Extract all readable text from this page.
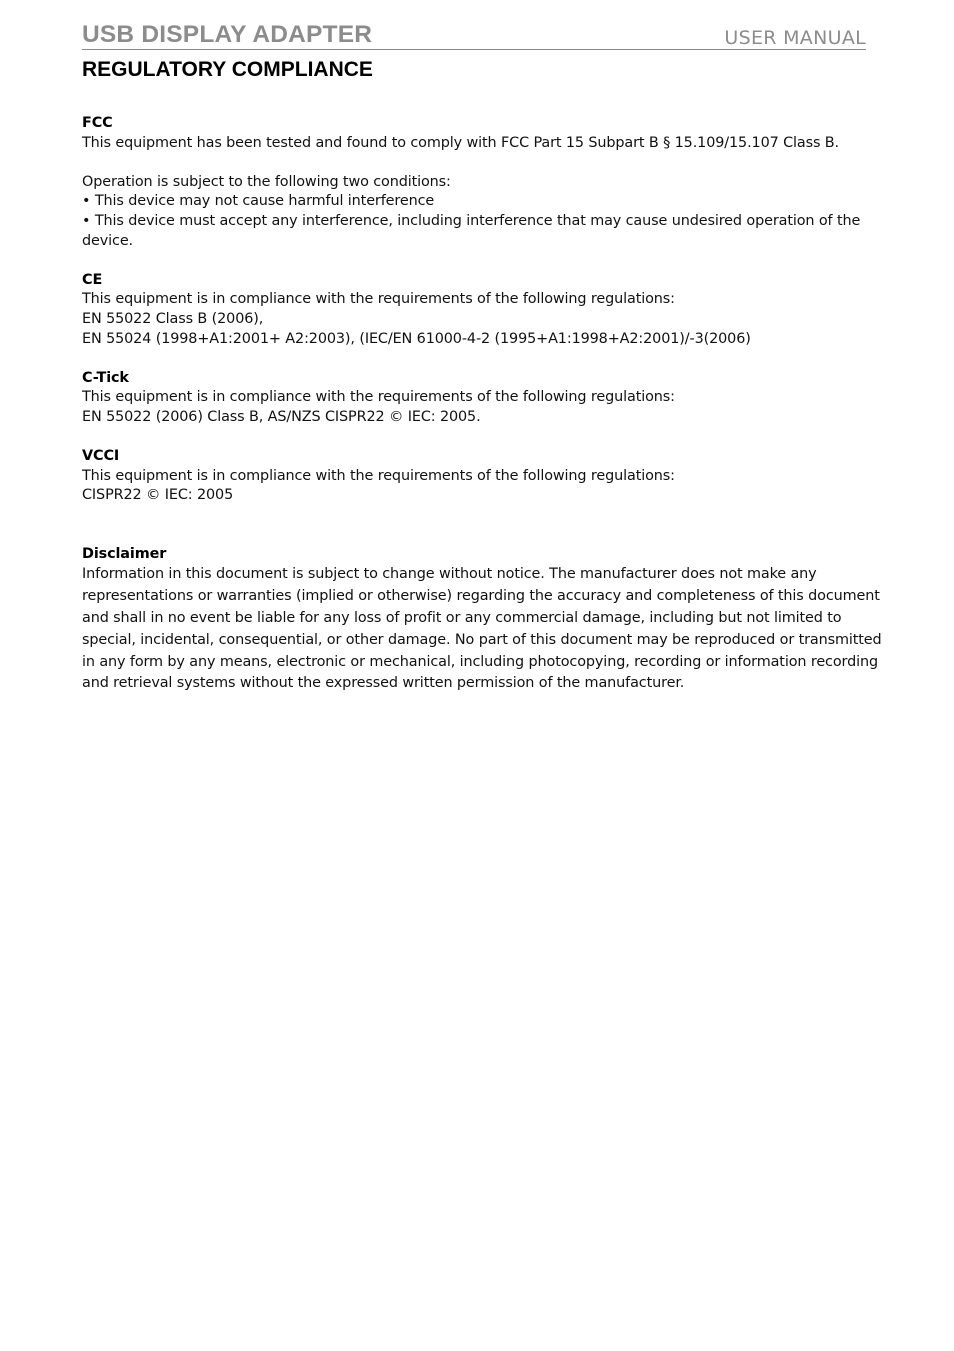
USB DISPLAY ADAPTER	USER MANUAL
REGULATORY COMPLIANCE
FCC
This equipment has been tested and found to comply with FCC Part 15 Subpart B § 15.109/15.107 Class B.
Operation is subject to the following two conditions:
• This device may not cause harmful interference
• This device must accept any interference, including interference that may cause undesired operation of the device.
CE
This equipment is in compliance with the requirements of the following regulations:
EN 55022 Class B (2006),
EN 55024 (1998+A1:2001+ A2:2003), (IEC/EN 61000-4-2 (1995+A1:1998+A2:2001)/-3(2006)
C-Tick
This equipment is in compliance with the requirements of the following regulations:
EN 55022 (2006) Class B, AS/NZS CISPR22 © IEC: 2005.
VCCI
This equipment is in compliance with the requirements of the following regulations:
CISPR22 © IEC: 2005
Disclaimer
Information in this document is subject to change without notice. The manufacturer does not make any representations or warranties (implied or otherwise) regarding the accuracy and completeness of this document and shall in no event be liable for any loss of profit or any commercial damage, including but not limited to special, incidental, consequential, or other damage. No part of this document may be reproduced or transmitted in any form by any means, electronic or mechanical, including photocopying, recording or information recording and retrieval systems without the expressed written permission of the manufacturer.
